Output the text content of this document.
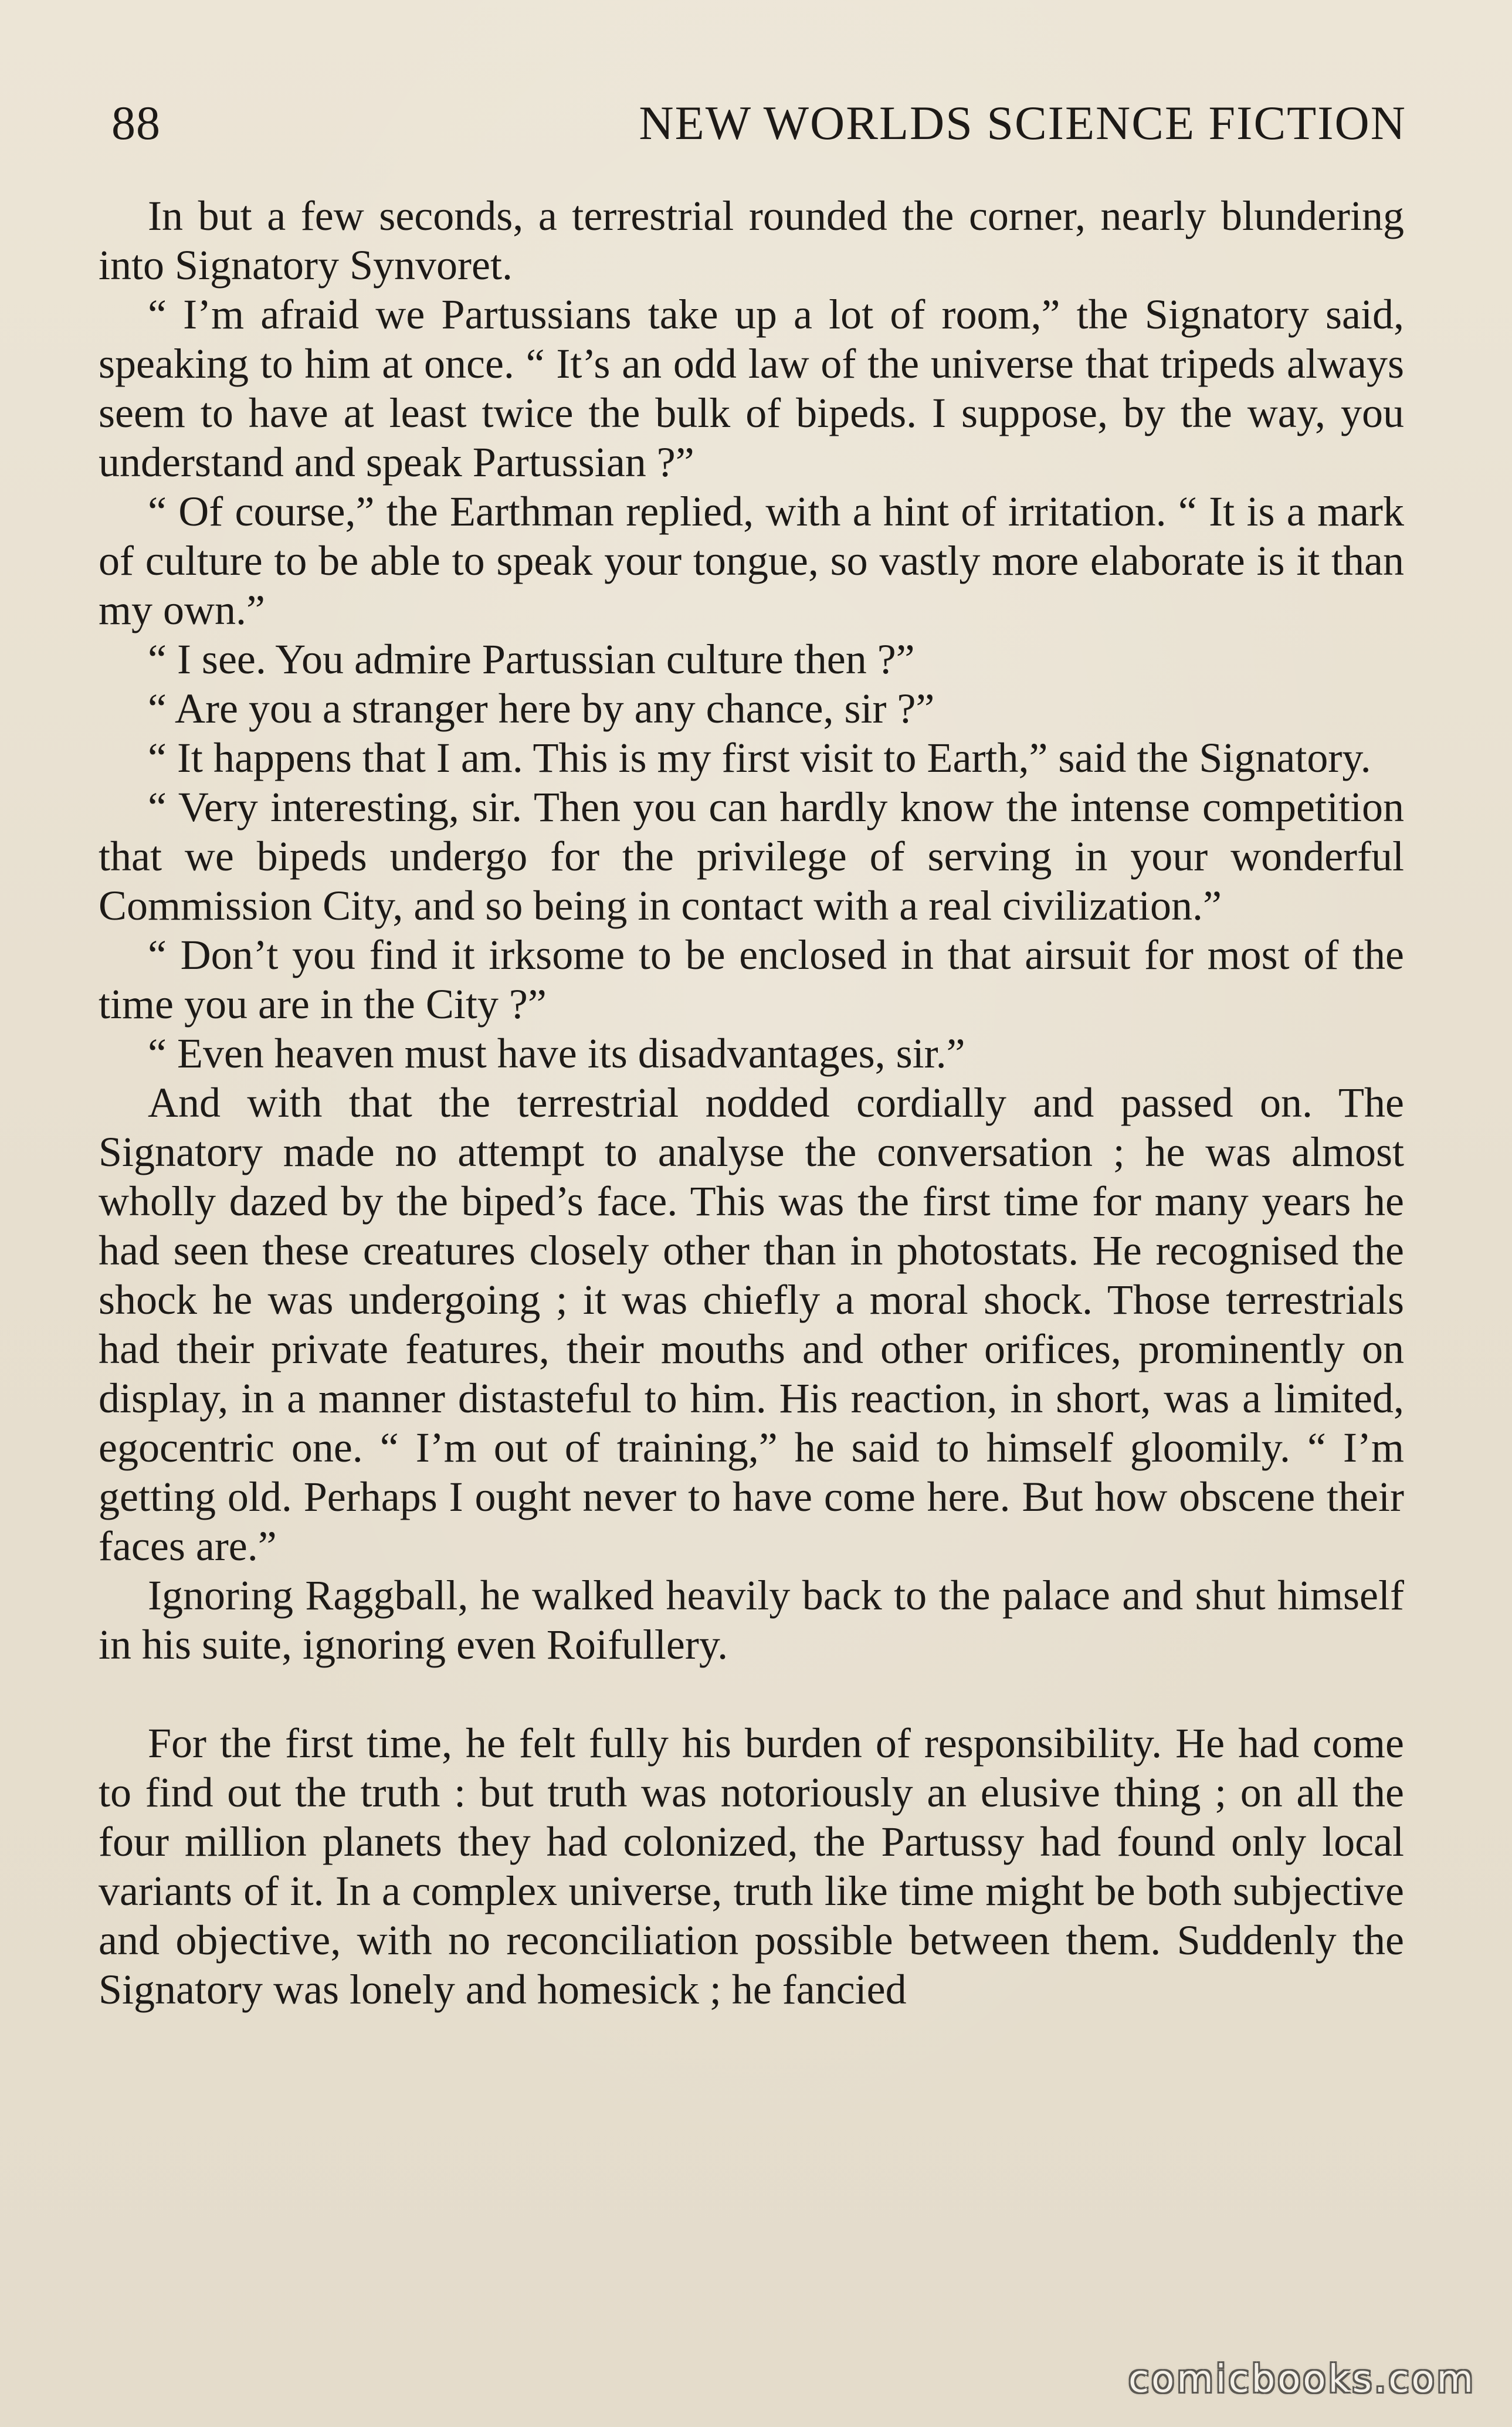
88	NEW WORLDS SCIENCE FICTION

In but a few seconds, a terrestrial rounded the corner, nearly blundering into Signatory Synvoret.

“ I’m afraid we Partussians take up a lot of room,” the Signatory said, speaking to him at once. “ It’s an odd law of the universe that tripeds always seem to have at least twice the bulk of bipeds. I suppose, by the way, you understand and speak Partussian ?”

“ Of course,” the Earthman replied, with a hint of irritation. “ It is a mark of culture to be able to speak your tongue, so vastly more elaborate is it than my own.”

“ I see. You admire Partussian culture then ?”

“ Are you a stranger here by any chance, sir ?”

“ It happens that I am. This is my first visit to Earth,” said the Signatory.

“ Very interesting, sir. Then you can hardly know the intense competition that we bipeds undergo for the privilege of serving in your wonderful Commission City, and so being in contact with a real civilization.”

“ Don’t you find it irksome to be enclosed in that airsuit for most of the time you are in the City ?”

“ Even heaven must have its disadvantages, sir.”

And with that the terrestrial nodded cordially and passed on. The Signatory made no attempt to analyse the conversation ; he was almost wholly dazed by the biped’s face. This was the first time for many years he had seen these creatures closely other than in photostats. He recognised the shock he was undergoing ; it was chiefly a moral shock. Those terrestrials had their private features, their mouths and other orifices, prominently on display, in a manner distasteful to him. His reaction, in short, was a limited, egocentric one. “ I’m out of training,” he said to himself gloomily. “ I’m getting old. Perhaps I ought never to have come here. But how obscene their faces are.”

Ignoring Raggball, he walked heavily back to the palace and shut himself in his suite, ignoring even Roifullery.

For the first time, he felt fully his burden of responsibility. He had come to find out the truth : but truth was notoriously an elusive thing ; on all the four million planets they had colonized, the Partussy had found only local variants of it. In a complex universe, truth like time might be both subjective and objective, with no reconciliation possible between them. Suddenly the Signatory was lonely and homesick ; he fancied

comicbooks.com
